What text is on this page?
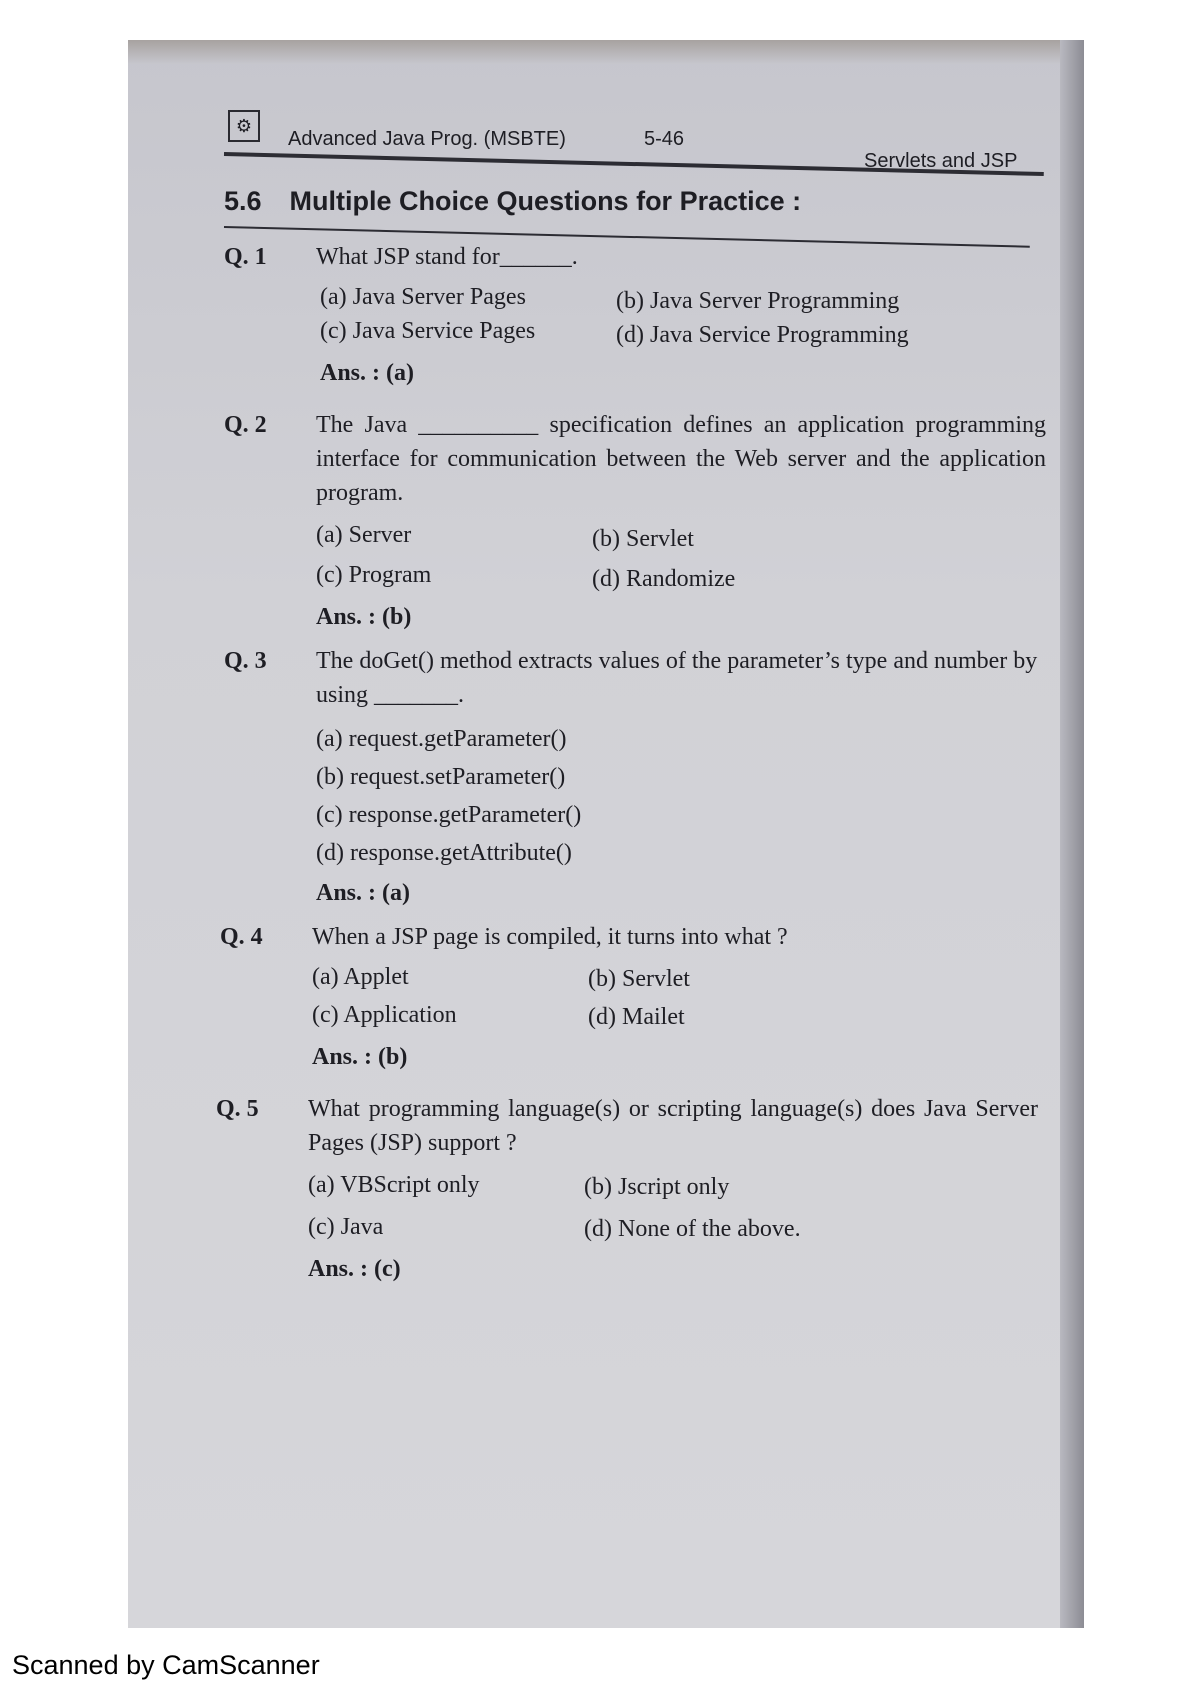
⚙
Advanced Java Prog. (MSBTE)	5-46
Servlets and JSP
5.6 Multiple Choice Questions for Practice :
Q. 1 What JSP stand for______.
(a) Java Server Pages	(b) Java Server Programming
(c) Java Service Pages	(d) Java Service Programming
Ans. : (a)
Q. 2 The Java __________ specification defines an application programming interface for communication between the Web server and the application program.
(a) Server	(b) Servlet
(c) Program	(d) Randomize
Ans. : (b)
Q. 3 The doGet() method extracts values of the parameter’s type and number by using _______.
(a) request.getParameter()
(b) request.setParameter()
(c) response.getParameter()
(d) response.getAttribute()
Ans. : (a)
Q. 4 When a JSP page is compiled, it turns into what ?
(a) Applet	(b) Servlet
(c) Application	(d) Mailet
Ans. : (b)
Q. 5 What programming language(s) or scripting language(s) does Java Server Pages (JSP) support ?
(a) VBScript only	(b) Jscript only
(c) Java	(d) None of the above.
Ans. : (c)
Scanned by CamScanner
